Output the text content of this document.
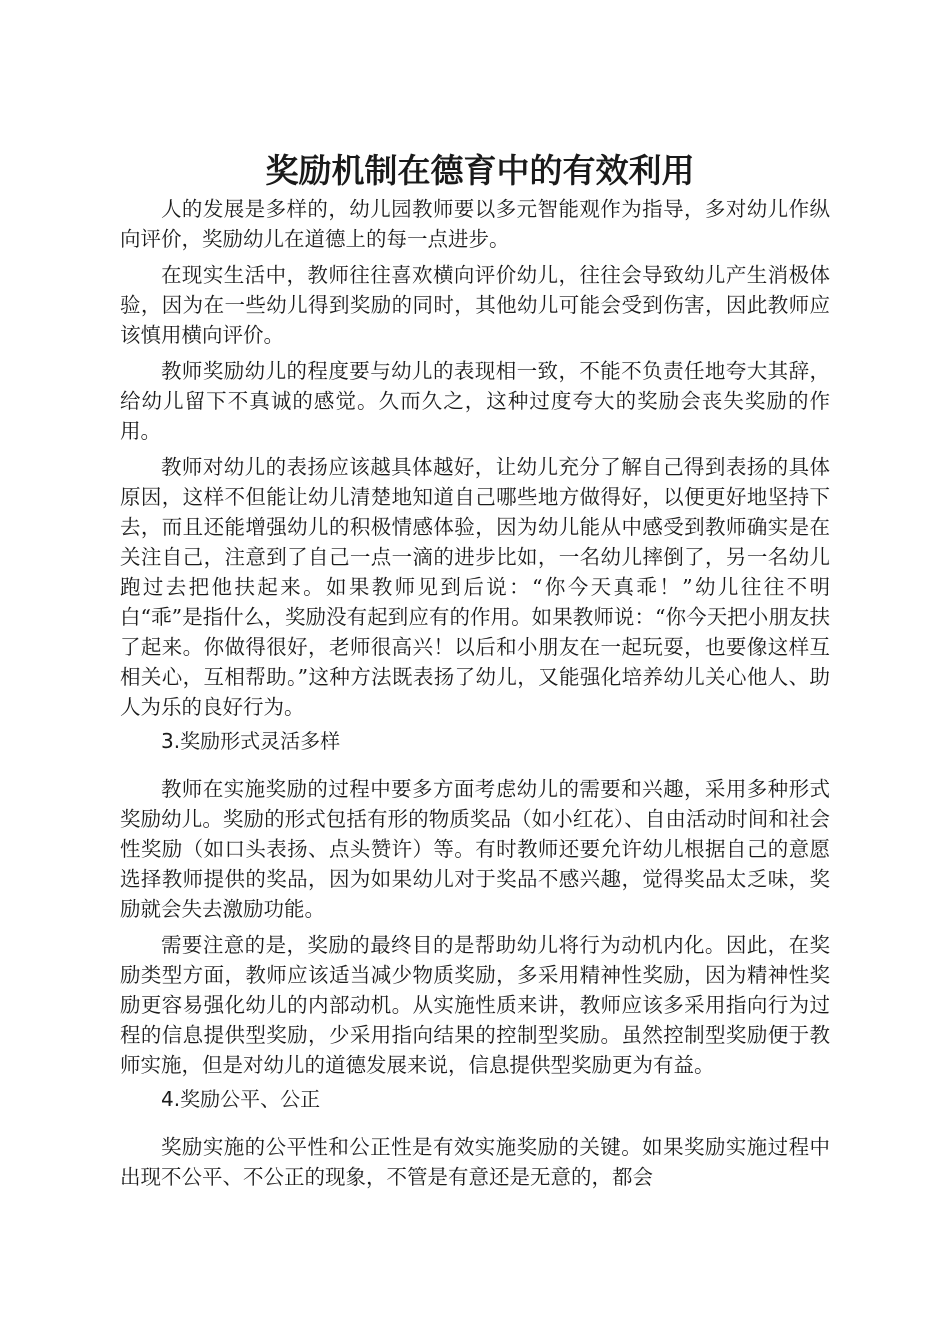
奖励机制在德育中的有效利用

人的发展是多样的，幼儿园教师要以多元智能观作为指导，多对幼儿作纵向评价，奖励幼儿在道德上的每一点进步。

在现实生活中，教师往往喜欢横向评价幼儿，往往会导致幼儿产生消极体验，因为在一些幼儿得到奖励的同时，其他幼儿可能会受到伤害，因此教师应该慎用横向评价。

教师奖励幼儿的程度要与幼儿的表现相一致，不能不负责任地夸大其辞，给幼儿留下不真诚的感觉。久而久之，这种过度夸大的奖励会丧失奖励的作用。

教师对幼儿的表扬应该越具体越好，让幼儿充分了解自己得到表扬的具体原因，这样不但能让幼儿清楚地知道自己哪些地方做得好，以便更好地坚持下去，而且还能增强幼儿的积极情感体验，因为幼儿能从中感受到教师确实是在关注自己，注意到了自己一点一滴的进步比如，一名幼儿摔倒了，另一名幼儿跑过去把他扶起来。如果教师见到后说：“你今天真乖！”幼儿往往不明白“乖”是指什么，奖励没有起到应有的作用。如果教师说：“你今天把小朋友扶了起来。你做得很好，老师很高兴！以后和小朋友在一起玩耍，也要像这样互相关心，互相帮助。”这种方法既表扬了幼儿，又能强化培养幼儿关心他人、助人为乐的良好行为。

3.奖励形式灵活多样

教师在实施奖励的过程中要多方面考虑幼儿的需要和兴趣，采用多种形式奖励幼儿。奖励的形式包括有形的物质奖品（如小红花）、自由活动时间和社会性奖励（如口头表扬、点头赞许）等。有时教师还要允许幼儿根据自己的意愿选择教师提供的奖品，因为如果幼儿对于奖品不感兴趣，觉得奖品太乏味，奖励就会失去激励功能。

需要注意的是，奖励的最终目的是帮助幼儿将行为动机内化。因此，在奖励类型方面，教师应该适当减少物质奖励，多采用精神性奖励，因为精神性奖励更容易强化幼儿的内部动机。从实施性质来讲，教师应该多采用指向行为过程的信息提供型奖励，少采用指向结果的控制型奖励。虽然控制型奖励便于教师实施，但是对幼儿的道德发展来说，信息提供型奖励更为有益。

4.奖励公平、公正

奖励实施的公平性和公正性是有效实施奖励的关键。如果奖励实施过程中出现不公平、不公正的现象，不管是有意还是无意的，都会
